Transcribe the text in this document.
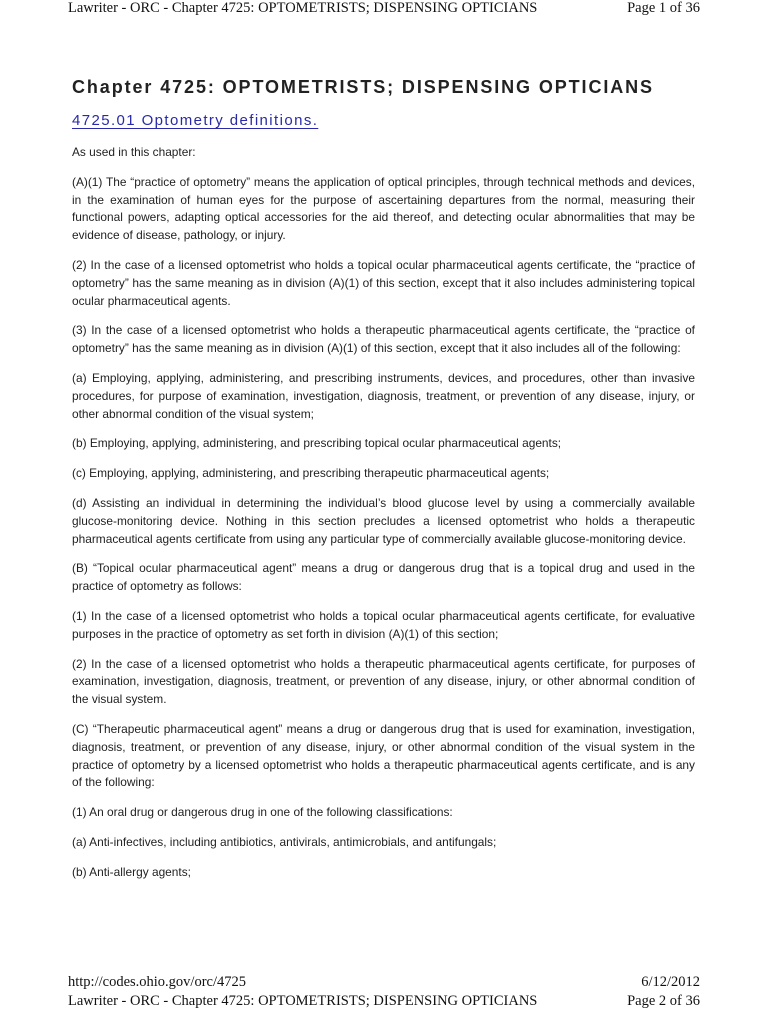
Lawriter - ORC - Chapter 4725: OPTOMETRISTS; DISPENSING OPTICIANS	Page 1 of 36
Chapter 4725: OPTOMETRISTS; DISPENSING OPTICIANS
4725.01 Optometry definitions.

As used in this chapter:

(A)(1) The “practice of optometry” means the application of optical principles, through technical methods and devices, in the examination of human eyes for the purpose of ascertaining departures from the normal, measuring their functional powers, adapting optical accessories for the aid thereof, and detecting ocular abnormalities that may be evidence of disease, pathology, or injury.

(2) In the case of a licensed optometrist who holds a topical ocular pharmaceutical agents certificate, the “practice of optometry” has the same meaning as in division (A)(1) of this section, except that it also includes administering topical ocular pharmaceutical agents.

(3) In the case of a licensed optometrist who holds a therapeutic pharmaceutical agents certificate, the “practice of optometry” has the same meaning as in division (A)(1) of this section, except that it also includes all of the following:

(a) Employing, applying, administering, and prescribing instruments, devices, and procedures, other than invasive procedures, for purpose of examination, investigation, diagnosis, treatment, or prevention of any disease, injury, or other abnormal condition of the visual system;

(b) Employing, applying, administering, and prescribing topical ocular pharmaceutical agents;

(c) Employing, applying, administering, and prescribing therapeutic pharmaceutical agents;

(d) Assisting an individual in determining the individual’s blood glucose level by using a commercially available glucose-monitoring device. Nothing in this section precludes a licensed optometrist who holds a therapeutic pharmaceutical agents certificate from using any particular type of commercially available glucose-monitoring device.

(B) “Topical ocular pharmaceutical agent” means a drug or dangerous drug that is a topical drug and used in the practice of optometry as follows:

(1) In the case of a licensed optometrist who holds a topical ocular pharmaceutical agents certificate, for evaluative purposes in the practice of optometry as set forth in division (A)(1) of this section;

(2) In the case of a licensed optometrist who holds a therapeutic pharmaceutical agents certificate, for purposes of examination, investigation, diagnosis, treatment, or prevention of any disease, injury, or other abnormal condition of the visual system.

(C) “Therapeutic pharmaceutical agent” means a drug or dangerous drug that is used for examination, investigation, diagnosis, treatment, or prevention of any disease, injury, or other abnormal condition of the visual system in the practice of optometry by a licensed optometrist who holds a therapeutic pharmaceutical agents certificate, and is any of the following:

(1) An oral drug or dangerous drug in one of the following classifications:

(a) Anti-infectives, including antibiotics, antivirals, antimicrobials, and antifungals;

(b) Anti-allergy agents;

http://codes.ohio.gov/orc/4725	6/12/2012
Lawriter - ORC - Chapter 4725: OPTOMETRISTS; DISPENSING OPTICIANS	Page 2 of 36
